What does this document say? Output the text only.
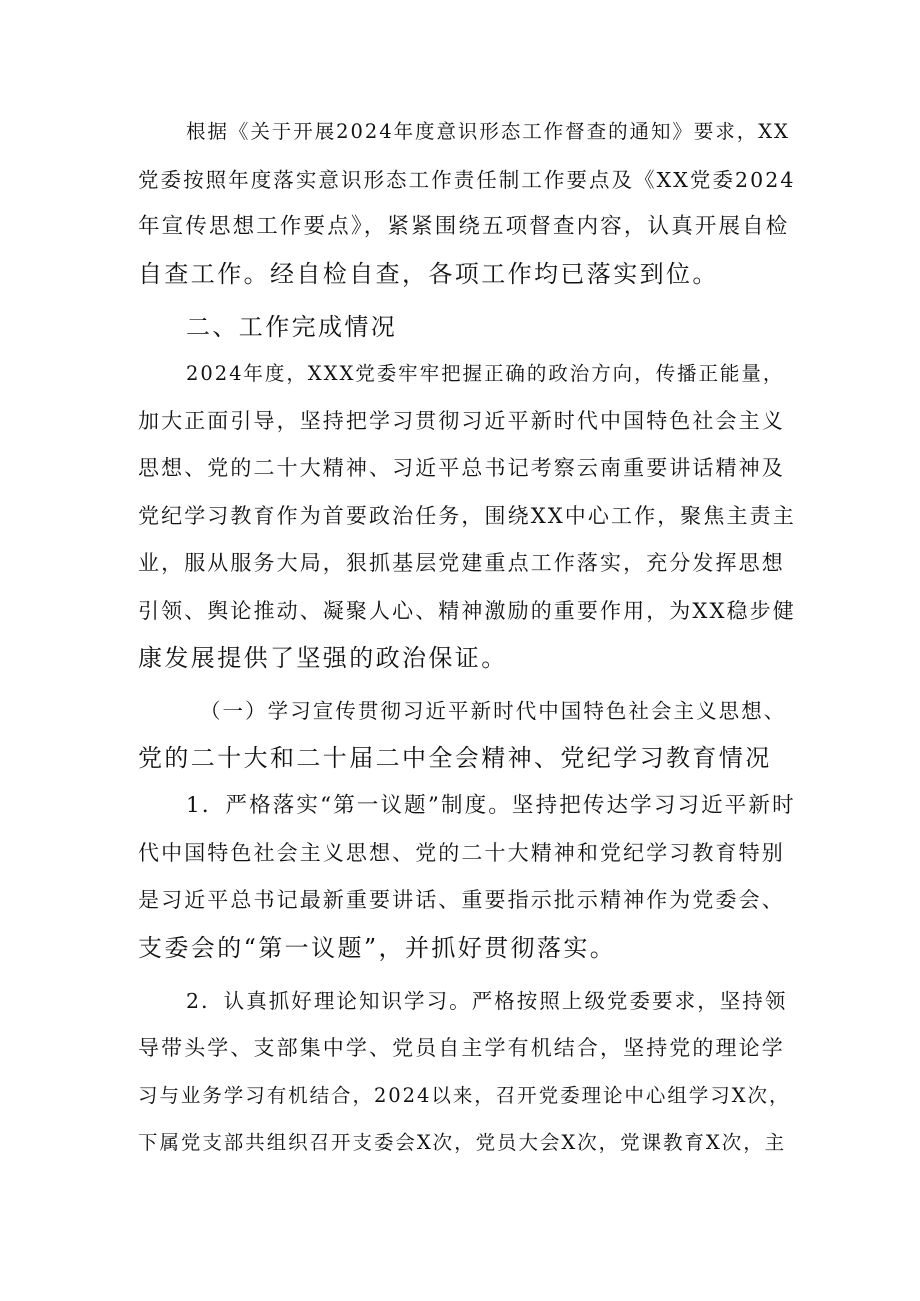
根据《关于开展2024年度意识形态工作督查的通知》要求，XX
党委按照年度落实意识形态工作责任制工作要点及《XX党委2024
年宣传思想工作要点》，紧紧围绕五项督查内容，认真开展自检
自查工作。经自检自查，各项工作均已落实到位。
二、工作完成情况
2024年度，XXX党委牢牢把握正确的政治方向，传播正能量，
加大正面引导，坚持把学习贯彻习近平新时代中国特色社会主义
思想、党的二十大精神、习近平总书记考察云南重要讲话精神及
党纪学习教育作为首要政治任务，围绕XX中心工作，聚焦主责主
业，服从服务大局，狠抓基层党建重点工作落实，充分发挥思想
引领、舆论推动、凝聚人心、精神激励的重要作用，为XX稳步健
康发展提供了坚强的政治保证。
（一）学习宣传贯彻习近平新时代中国特色社会主义思想、
党的二十大和二十届二中全会精神、党纪学习教育情况
1．严格落实“第一议题”制度。坚持把传达学习习近平新时
代中国特色社会主义思想、党的二十大精神和党纪学习教育特别
是习近平总书记最新重要讲话、重要指示批示精神作为党委会、
支委会的“第一议题”，并抓好贯彻落实。
2．认真抓好理论知识学习。严格按照上级党委要求，坚持领
导带头学、支部集中学、党员自主学有机结合，坚持党的理论学
习与业务学习有机结合，2024以来，召开党委理论中心组学习X次，
下属党支部共组织召开支委会X次，党员大会X次，党课教育X次，主
